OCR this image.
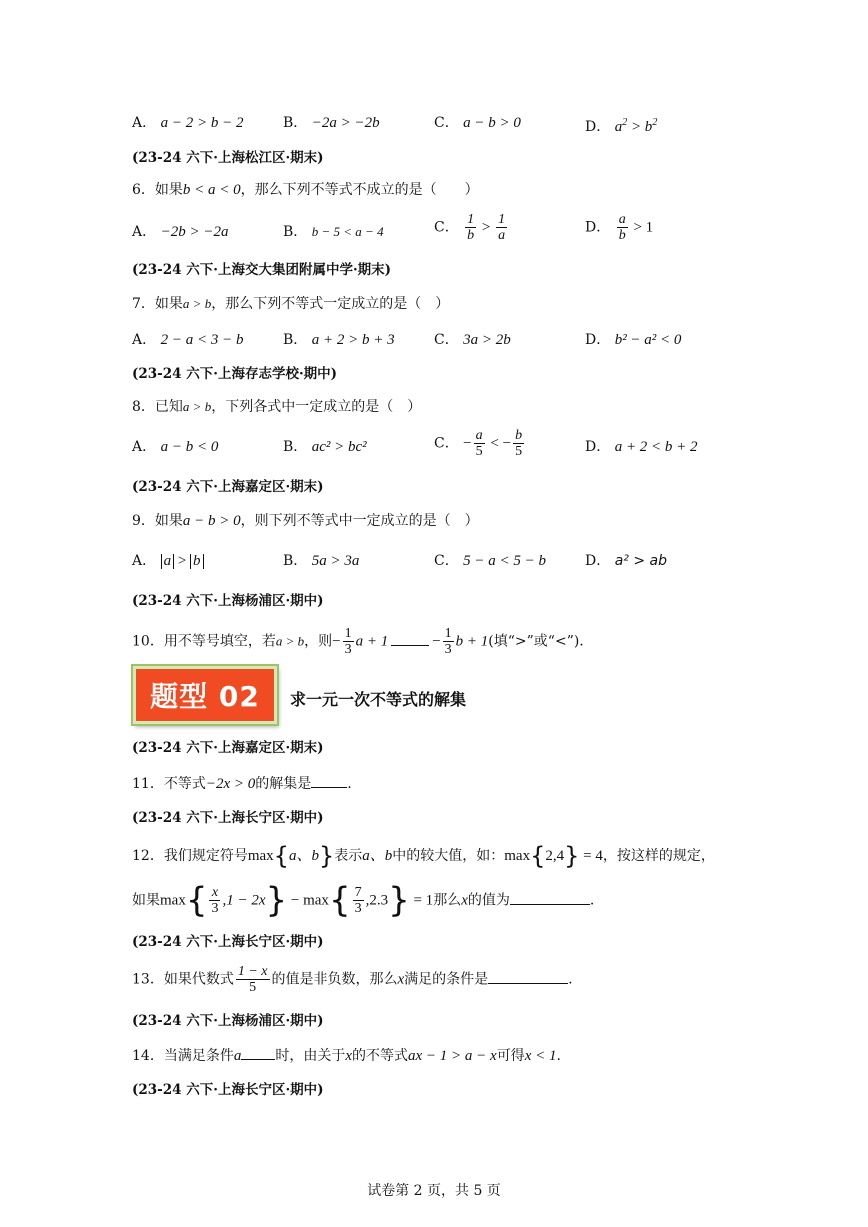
A． a − 2 > b − 2	B． −2a > −2b	C． a − b > 0	D． $a^2 > b^2$
(23-24 六下·上海松江区·期末)
6．如果b < a < 0，那么下列不等式不成立的是（　　）
A． −2b > −2a	B． b − 5 < a − 4	C． $\frac{1}{b} > \frac{1}{a}$	D． $\frac{a}{b} > 1$
(23-24 六下·上海交大集团附属中学·期末)
7．如果a > b，那么下列不等式一定成立的是（　）
A． 2 − a < 3 − b	B． a + 2 > b + 3	C． 3a > 2b	D． b² − a² < 0
(23-24 六下·上海存志学校·期中)
8．已知a > b，下列各式中一定成立的是（　）
A． a − b < 0	B． ac² > bc²	C． − $\frac{a}{5}$ < − $\frac{b}{5}$	D． a + 2 < b + 2
(23-24 六下·上海嘉定区·期末)
9．如果a − b > 0，则下列不等式中一定成立的是（　）
A． a > b	B． 5a > 3a	C． 5 − a < 5 − b	D． a² > ab
(23-24 六下·上海杨浦区·期中)
10．用不等号填空，若a > b，则− $\frac{1}{3}$ a + 1	− $\frac{1}{3}$ b + 1(填“>”或“<”).
题型 02	求一元一次不等式的解集
(23-24 六下·上海嘉定区·期末)
11．不等式−2x > 0的解集是	.
(23-24 六下·上海长宁区·期中)
12．我们规定符号max{a、b}表示a、b中的较大值，如：max{2,4} = 4，按这样的规定，
如果$\max\{ \frac{x}{3} ,1 - 2x\} - \max\{ \frac{7}{3} ,2.3\} = 1$那么x的值为	.
(23-24 六下·上海长宁区·期中)
13．如果代数式 $\frac{1 - x}{5}$ 的值是非负数，那么x满足的条件是	.
(23-24 六下·上海杨浦区·期中)
14．当满足条件a 时，由关于x的不等式ax − 1 > a − x可得x < 1.
(23-24 六下·上海长宁区·期中)
试卷第 2 页，共 5 页
